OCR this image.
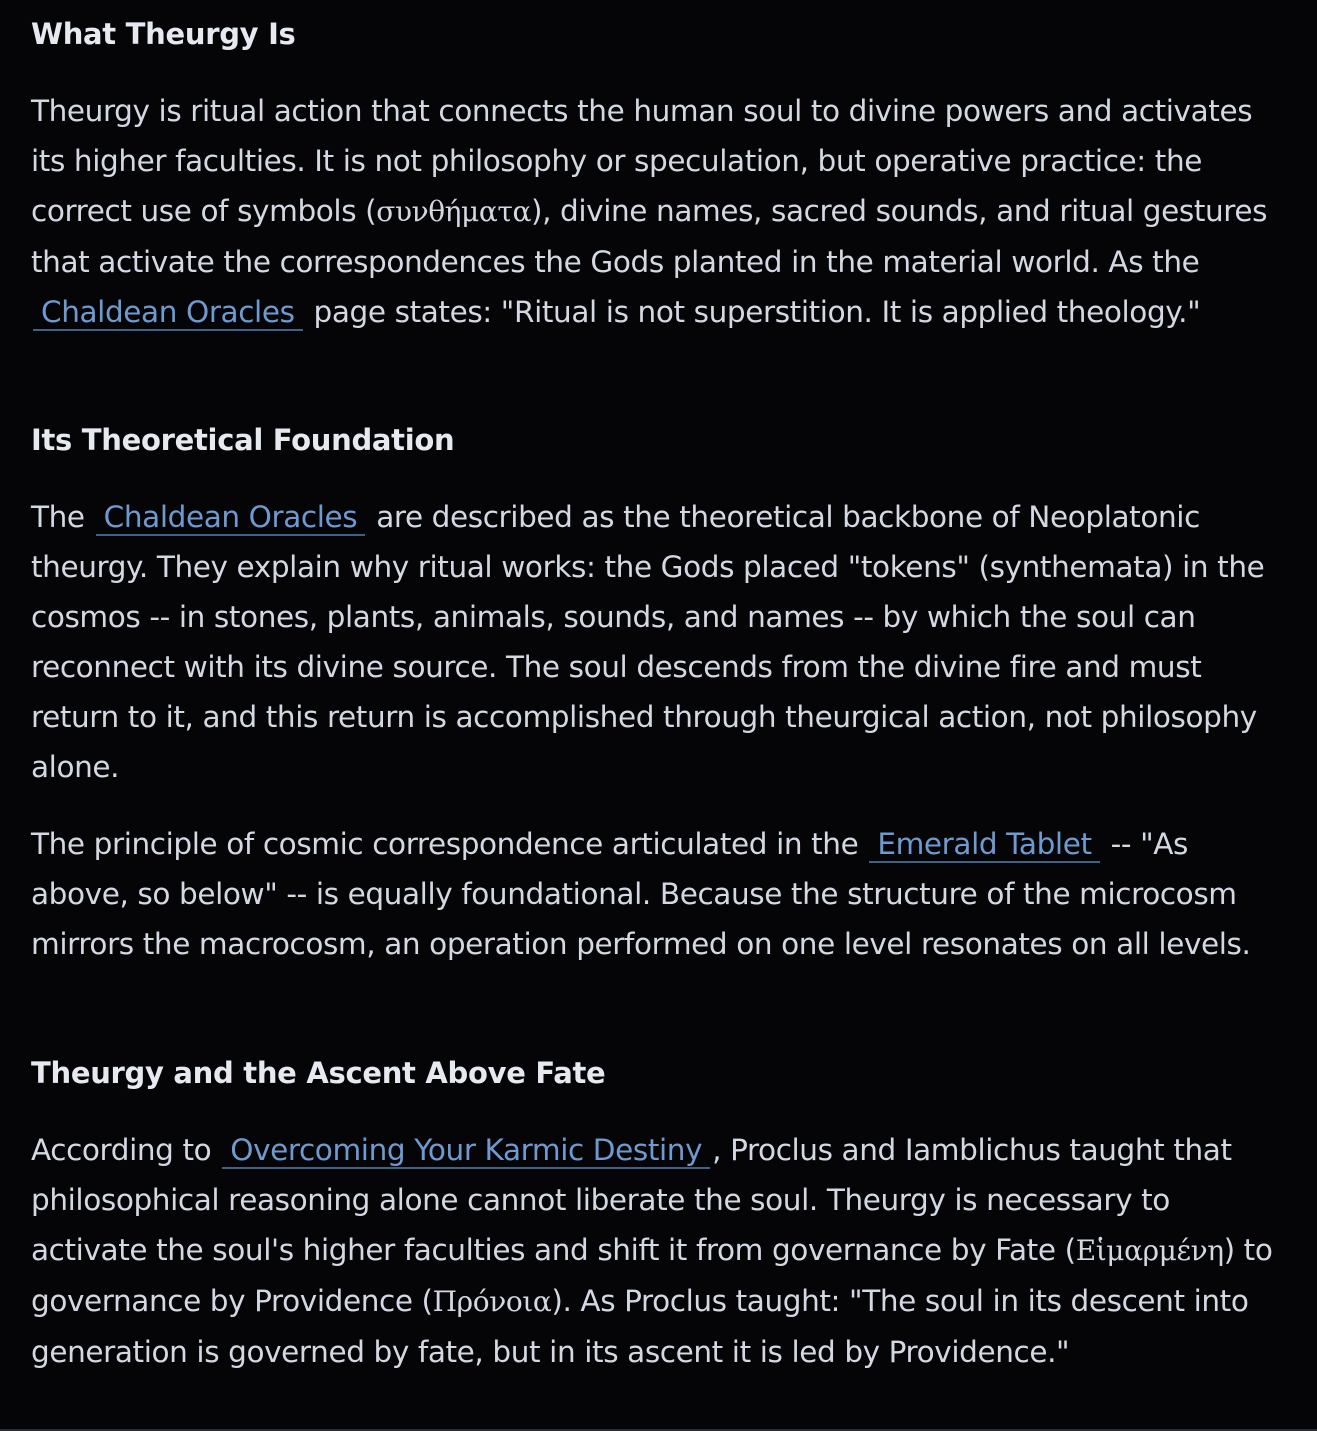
What Theurgy Is

Theurgy is ritual action that connects the human soul to divine powers and activates its higher faculties. It is not philosophy or speculation, but operative practice: the correct use of symbols (συνθήματα), divine names, sacred sounds, and ritual gestures that activate the correspondences the Gods planted in the material world. As the Chaldean Oracles page states: "Ritual is not superstition. It is applied theology."

Its Theoretical Foundation

The Chaldean Oracles are described as the theoretical backbone of Neoplatonic theurgy. They explain why ritual works: the Gods placed "tokens" (synthemata) in the cosmos -- in stones, plants, animals, sounds, and names -- by which the soul can reconnect with its divine source. The soul descends from the divine fire and must return to it, and this return is accomplished through theurgical action, not philosophy alone.

The principle of cosmic correspondence articulated in the Emerald Tablet -- "As above, so below" -- is equally foundational. Because the structure of the microcosm mirrors the macrocosm, an operation performed on one level resonates on all levels.

Theurgy and the Ascent Above Fate

According to Overcoming Your Karmic Destiny , Proclus and Iamblichus taught that philosophical reasoning alone cannot liberate the soul. Theurgy is necessary to activate the soul's higher faculties and shift it from governance by Fate (Εἱμαρμένη) to governance by Providence (Πρόνοια). As Proclus taught: "The soul in its descent into generation is governed by fate, but in its ascent it is led by Providence."
